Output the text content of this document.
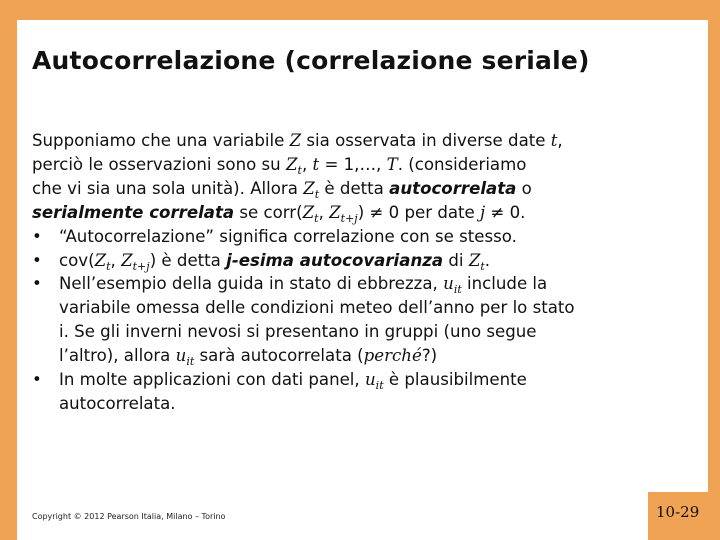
Autocorrelazione (correlazione seriale)
Supponiamo che una variabile Z sia osservata in diverse date t,
perciò le osservazioni sono su $Z_t$, t = 1,…, T. (consideriamo
che vi sia una sola unità). Allora $Z_t$ è detta autocorrelata o
serialmente correlata se $corr(Z_t$, $Z_{t+j}) \ne 0$ per date j ≠ 0.
• “Autocorrelazione” significa correlazione con se stesso.
• $cov(Z_t$, $Z_{t+j}$) è detta j-esima autocovarianza di $Z_t$.
• Nell’esempio della guida in stato di ebbrezza, $u_{it}$ include la
variabile omessa delle condizioni meteo dell’anno per lo stato
i. Se gli inverni nevosi si presentano in gruppi (uno segue
l’altro), allora $u_{it}$ sarà autocorrelata (perché?)
• In molte applicazioni con dati panel, $u_{it}$ è plausibilmente
autocorrelata.
Copyright © 2012 Pearson Italia, Milano – Torino	10-29
